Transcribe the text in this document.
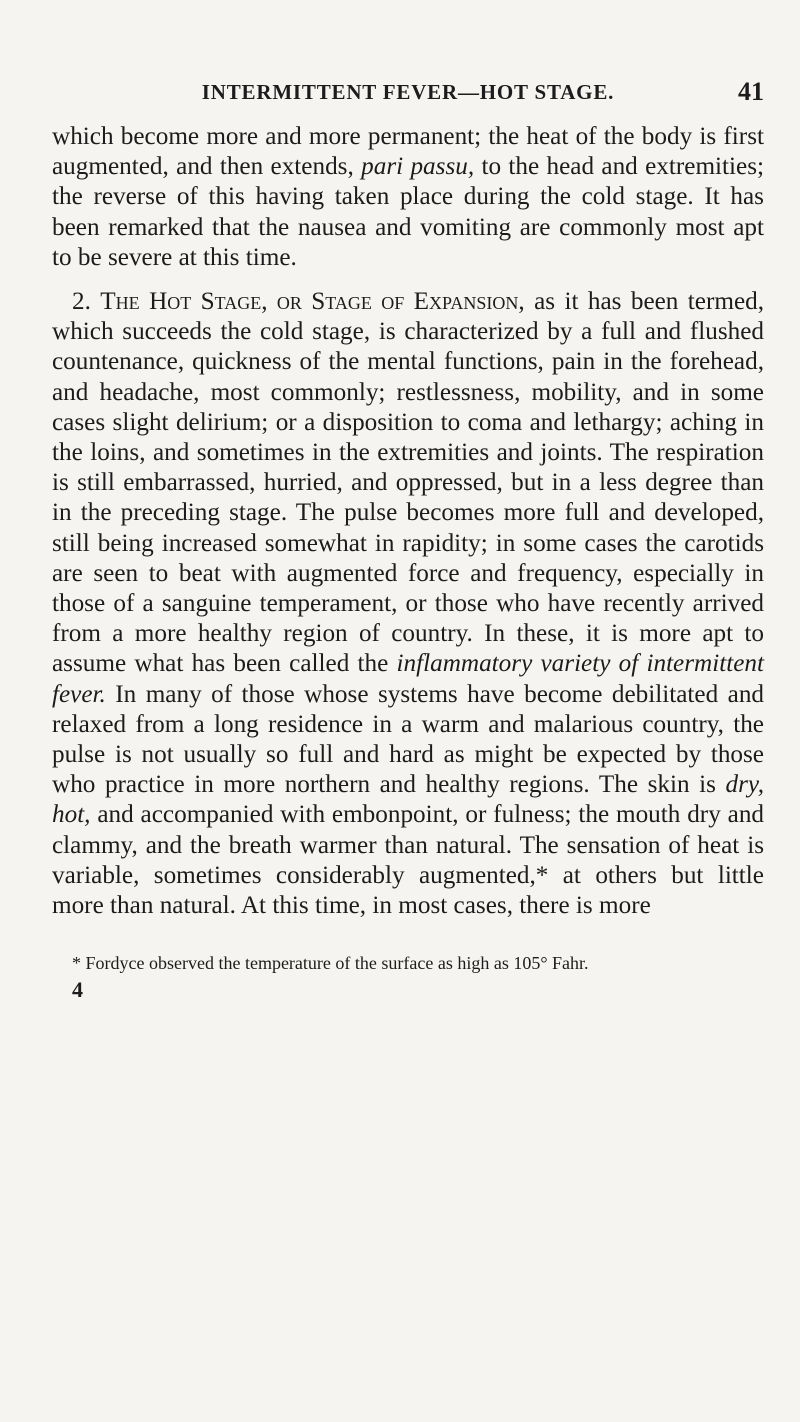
INTERMITTENT FEVER—HOT STAGE.	41

which become more and more permanent; the heat of the body is first augmented, and then extends, pari passu, to the head and extremities; the reverse of this having taken place during the cold stage. It has been remarked that the nausea and vomiting are commonly most apt to be severe at this time.

2. The Hot Stage, or Stage of Expansion, as it has been termed, which succeeds the cold stage, is characterized by a full and flushed countenance, quickness of the mental functions, pain in the forehead, and headache, most commonly; restlessness, mobility, and in some cases slight delirium; or a disposition to coma and lethargy; aching in the loins, and sometimes in the extremities and joints. The respiration is still embarrassed, hurried, and oppressed, but in a less degree than in the preceding stage. The pulse becomes more full and developed, still being increased somewhat in rapidity; in some cases the carotids are seen to beat with augmented force and frequency, especially in those of a sanguine temperament, or those who have recently arrived from a more healthy region of country. In these, it is more apt to assume what has been called the inflammatory variety of intermittent fever. In many of those whose systems have become debilitated and relaxed from a long residence in a warm and malarious country, the pulse is not usually so full and hard as might be expected by those who practice in more northern and healthy regions. The skin is dry, hot, and accompanied with embonpoint, or fulness; the mouth dry and clammy, and the breath warmer than natural. The sensation of heat is variable, sometimes considerably augmented,* at others but little more than natural. At this time, in most cases, there is more

* Fordyce observed the temperature of the surface as high as 105° Fahr.
4
